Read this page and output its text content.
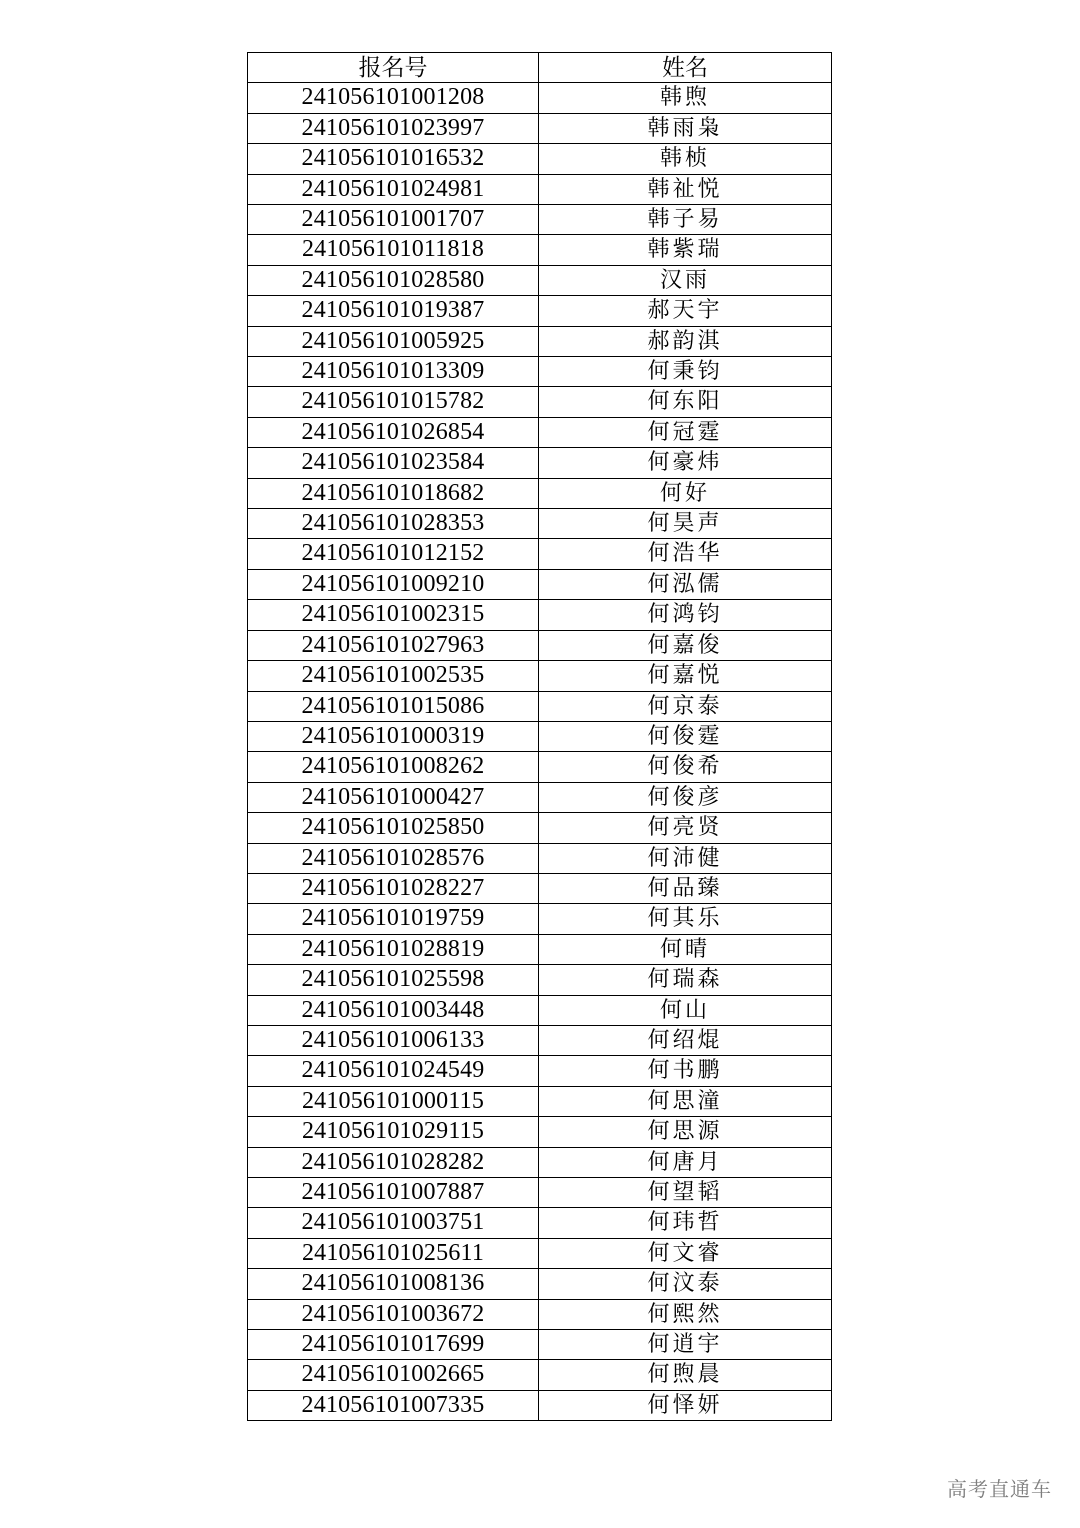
报名号	姓名
241056101001208	韩煦
241056101023997	韩雨枭
241056101016532	韩桢
241056101024981	韩祉悦
241056101001707	韩子易
241056101011818	韩紫瑞
241056101028580	汉雨
241056101019387	郝天宇
241056101005925	郝韵淇
241056101013309	何秉钧
241056101015782	何东阳
241056101026854	何冠霆
241056101023584	何豪炜
241056101018682	何好
241056101028353	何昊声
241056101012152	何浩华
241056101009210	何泓儒
241056101002315	何鸿钧
241056101027963	何嘉俊
241056101002535	何嘉悦
241056101015086	何京泰
241056101000319	何俊霆
241056101008262	何俊希
241056101000427	何俊彦
241056101025850	何亮贤
241056101028576	何沛健
241056101028227	何品臻
241056101019759	何其乐
241056101028819	何晴
241056101025598	何瑞森
241056101003448	何山
241056101006133	何绍焜
241056101024549	何书鹏
241056101000115	何思潼
241056101029115	何思源
241056101028282	何唐月
241056101007887	何望韬
241056101003751	何玮哲
241056101025611	何文睿
241056101008136	何汶泰
241056101003672	何熙然
241056101017699	何逍宇
241056101002665	何煦晨
241056101007335	何怿妍
高考直通车
